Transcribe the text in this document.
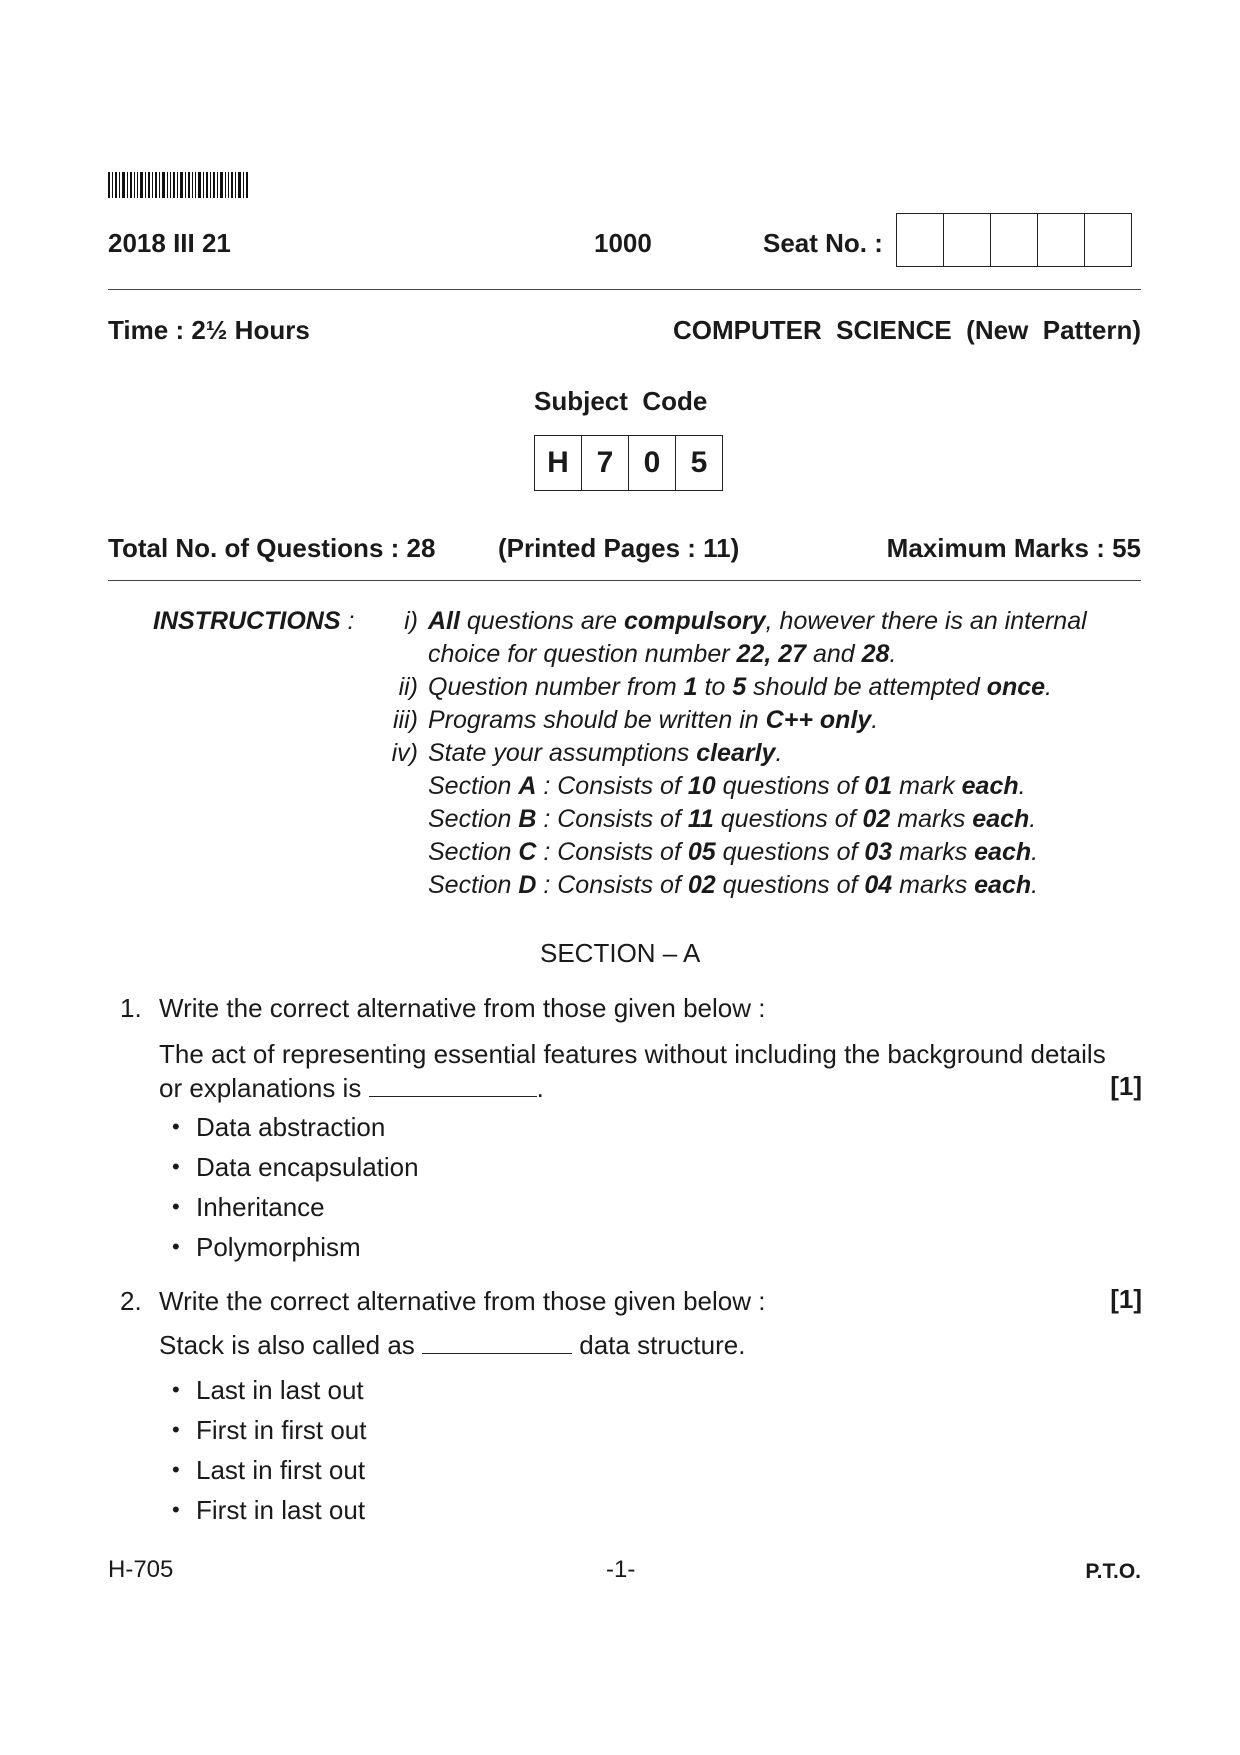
2018 III 21	1000	Seat No. :
Time : 2½ Hours	COMPUTER  SCIENCE  (New  Pattern)
Subject  Code
H 7	0	5
Total No. of Questions : 28 (Printed Pages : 11)	Maximum Marks : 55
INSTRUCTIONS :	i) All questions are compulsory, however there is an internal choice for question number 22, 27 and 28.
ii) Question number from 1 to 5 should be attempted once.
iii) Programs should be written in C++ only.
iv) State your assumptions clearly.
Section A : Consists of 10 questions of 01 mark each.
Section B : Consists of 11 questions of 02 marks each.
Section C : Consists of 05 questions of 03 marks each.
Section D : Consists of 02 questions of 04 marks each.
SECTION – A
1. Write the correct alternative from those given below :
The act of representing essential features without including the background details
or explanations is	.	[1]
• Data abstraction
• Data encapsulation
• Inheritance
• Polymorphism
2. Write the correct alternative from those given below :	[1]
Stack is also called as	data structure.
• Last in last out
• First in first out
• Last in first out
• First in last out
H-705	-1-	P.T.O.
